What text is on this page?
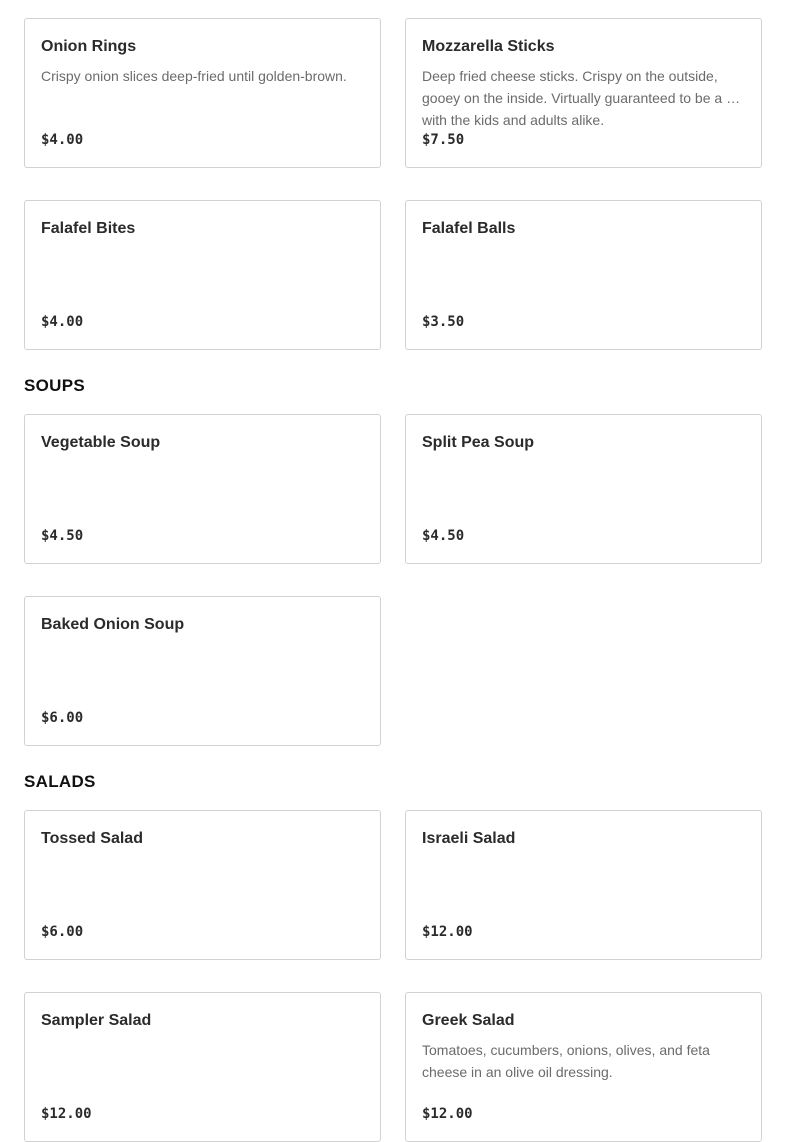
Onion Rings
Crispy onion slices deep-fried until golden-brown.
$4.00
Mozzarella Sticks
Deep fried cheese sticks. Crispy on the outside, gooey on the inside. Virtually guaranteed to be a hit with the kids and adults alike.
$7.50
Falafel Bites
$4.00
Falafel Balls
$3.50
SOUPS
Vegetable Soup
$4.50
Split Pea Soup
$4.50
Baked Onion Soup
$6.00
SALADS
Tossed Salad
$6.00
Israeli Salad
$12.00
Sampler Salad
$12.00
Greek Salad
Tomatoes, cucumbers, onions, olives, and feta cheese in an olive oil dressing.
$12.00
